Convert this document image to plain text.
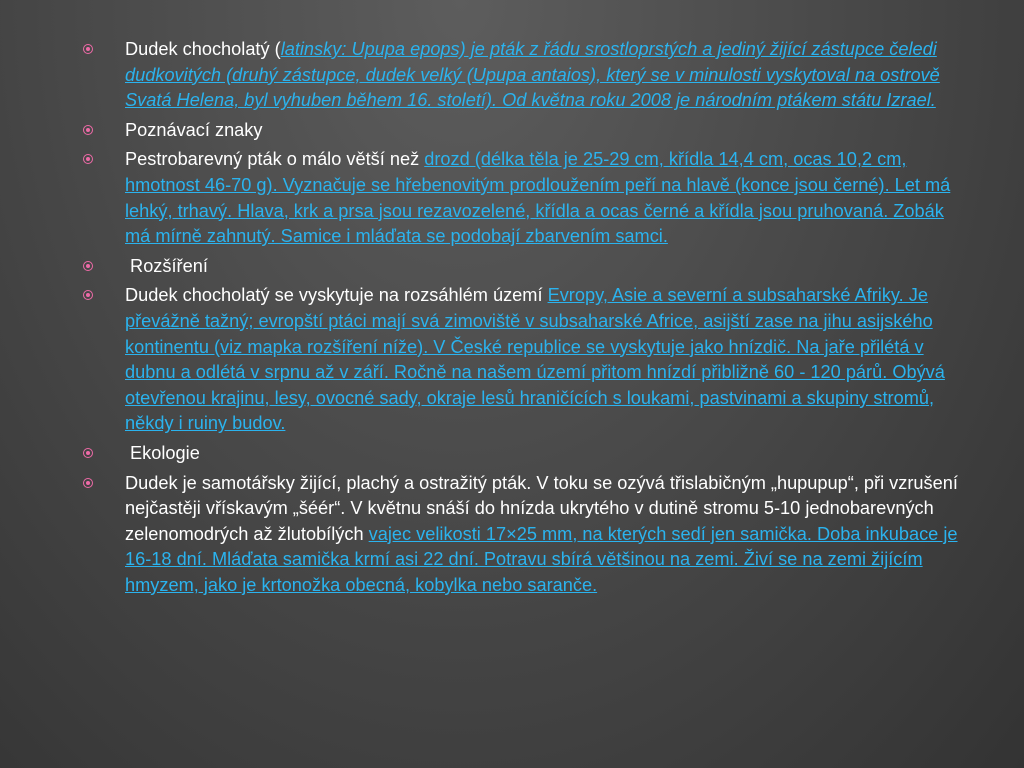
Dudek chocholatý (latinsky: Upupa epops) je pták z řádu srostloprstých a jediný žijící zástupce čeledi dudkovitých (druhý zástupce, dudek velký (Upupa antaios), který se v minulosti vyskytoval na ostrově Svatá Helena, byl vyhuben během 16. století). Od května roku 2008 je národním ptákem státu Izrael.
Poznávací znaky
Pestrobarevný pták o málo větší než drozd (délka těla je 25-29 cm, křídla 14,4 cm, ocas 10,2 cm, hmotnost 46-70 g). Vyznačuje se hřebenovitým prodloužením peří na hlavě (konce jsou černé). Let má lehký, trhavý. Hlava, krk a prsa jsou rezavozelené, křídla a ocas černé a křídla jsou pruhovaná. Zobák má mírně zahnutý. Samice i mláďata se podobají zbarvením samci.
Rozšíření
Dudek chocholatý se vyskytuje na rozsáhlém území Evropy, Asie a severní a subsaharské Afriky. Je převážně tažný; evropští ptáci mají svá zimoviště v subsaharské Africe, asijští zase na jihu asijského kontinentu (viz mapka rozšíření níže). V České republice se vyskytuje jako hnízdič. Na jaře přilétá v dubnu a odlétá v srpnu až v září. Ročně na našem území přitom hnízdí přibližně 60 - 120 párů. Obývá otevřenou krajinu, lesy, ovocné sady, okraje lesů hraničících s loukami, pastvinami a skupiny stromů, někdy i ruiny budov.
Ekologie
Dudek je samotářsky žijící, plachý a ostražitý pták. V toku se ozývá třislabičným „hupupup“, při vzrušení nejčastěji vřískavým „šéér“. V květnu snáší do hnízda ukrytého v dutině stromu 5-10 jednobarevných zelenomodrých až žlutobílých vajec velikosti 17×25 mm, na kterých sedí jen samička. Doba inkubace je 16-18 dní. Mláďata samička krmí asi 22 dní. Potravu sbírá většinou na zemi. Živí se na zemi žijícím hmyzem, jako je krtonožka obecná, kobylka nebo saranče.
